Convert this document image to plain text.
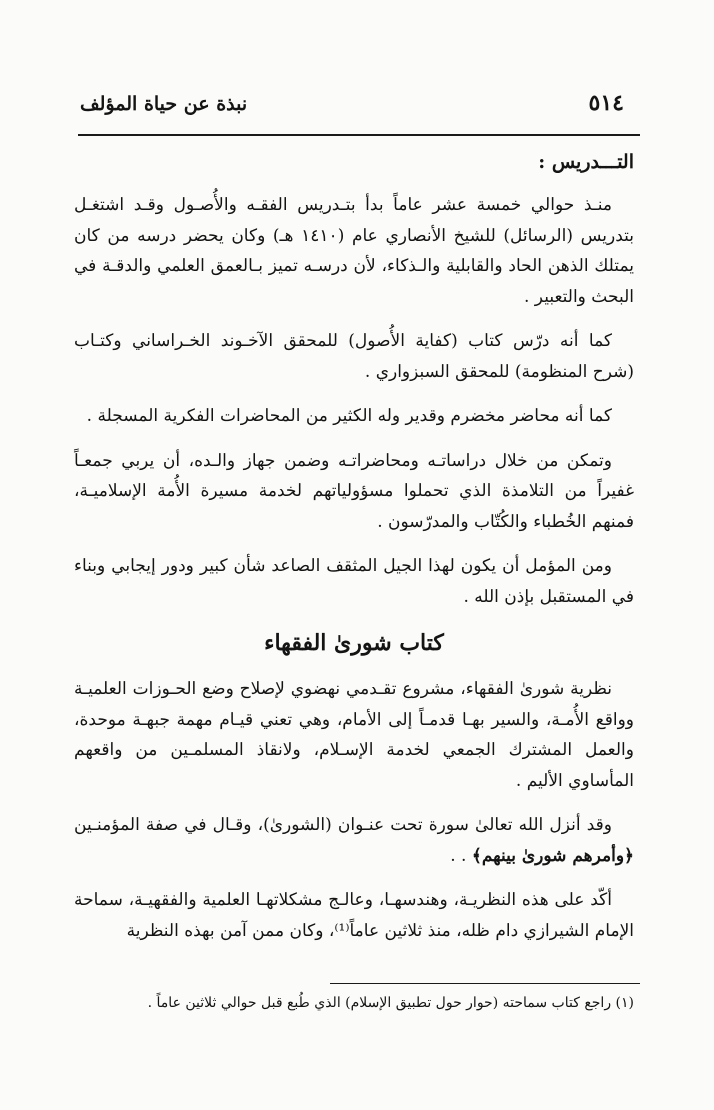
٥١٤
نبذة عن حياة المؤلف
التـــدريس :

منـذ حوالي خمسة عشر عاماً بدأ بتـدريس الفقـه والأُصـول وقـد اشتغـل بتدريس (الرسائل) للشيخ الأنصاري عام (١٤١٠ هـ) وكان يحضر درسه من كان يمتلك الذهن الحاد والقابلية والـذكاء، لأن درسـه تميز بـالعمق العلمي والدقـة في البحث والتعبير .

كما أنه درّس كتاب (كفاية الأُصول) للمحقق الآخـوند الخـراساني وكتـاب (شرح المنظومة) للمحقق السبزواري .

كما أنه محاضر مخضرم وقدير وله الكثير من المحاضرات الفكرية المسجلة .

وتمكن من خلال دراساتـه ومحاضراتـه وضمن جهاز والـده، أن يربي جمعـاً غفيراً من التلامذة الذي تحملوا مسؤولياتهم لخدمة مسيرة الأُمة الإسلاميـة، فمنهم الخُطباء والكُتّاب والمدرّسون .

ومن المؤمل أن يكون لهذا الجيل المثقف الصاعد شأن كبير ودور إيجابي وبناء في المستقبل بإذن الله .

كتاب شورىٰ الفقهاء

نظرية شورىٰ الفقهاء، مشروع تقـدمي نهضوي لإصلاح وضع الحـوزات العلميـة وواقع الأُمـة، والسير بهـا قدمـاً إلى الأمام، وهي تعني قيـام مهمة جبهـة موحدة، والعمل المشترك الجمعي لخدمة الإسـلام، ولانقاذ المسلمـين من واقعهم المأساوي الأليم .

وقد أنزل الله تعالىٰ سورة تحت عنـوان (الشورىٰ)، وقـال في صفة المؤمنـين ﴿وأمرهم شورىٰ بينهم﴾ . .

أكّد على هذه النظريـة، وهندسهـا، وعالـج مشكلاتهـا العلمية والفقهيـة، سماحة الإمام الشيرازي دام ظله، منذ ثلاثين عاماً⁽¹⁾، وكان ممن آمن بهذه النظرية

(١) راجع كتاب سماحته (حوار حول تطبيق الإسلام) الذي طُبع قبل حوالي ثلاثين عاماً .
